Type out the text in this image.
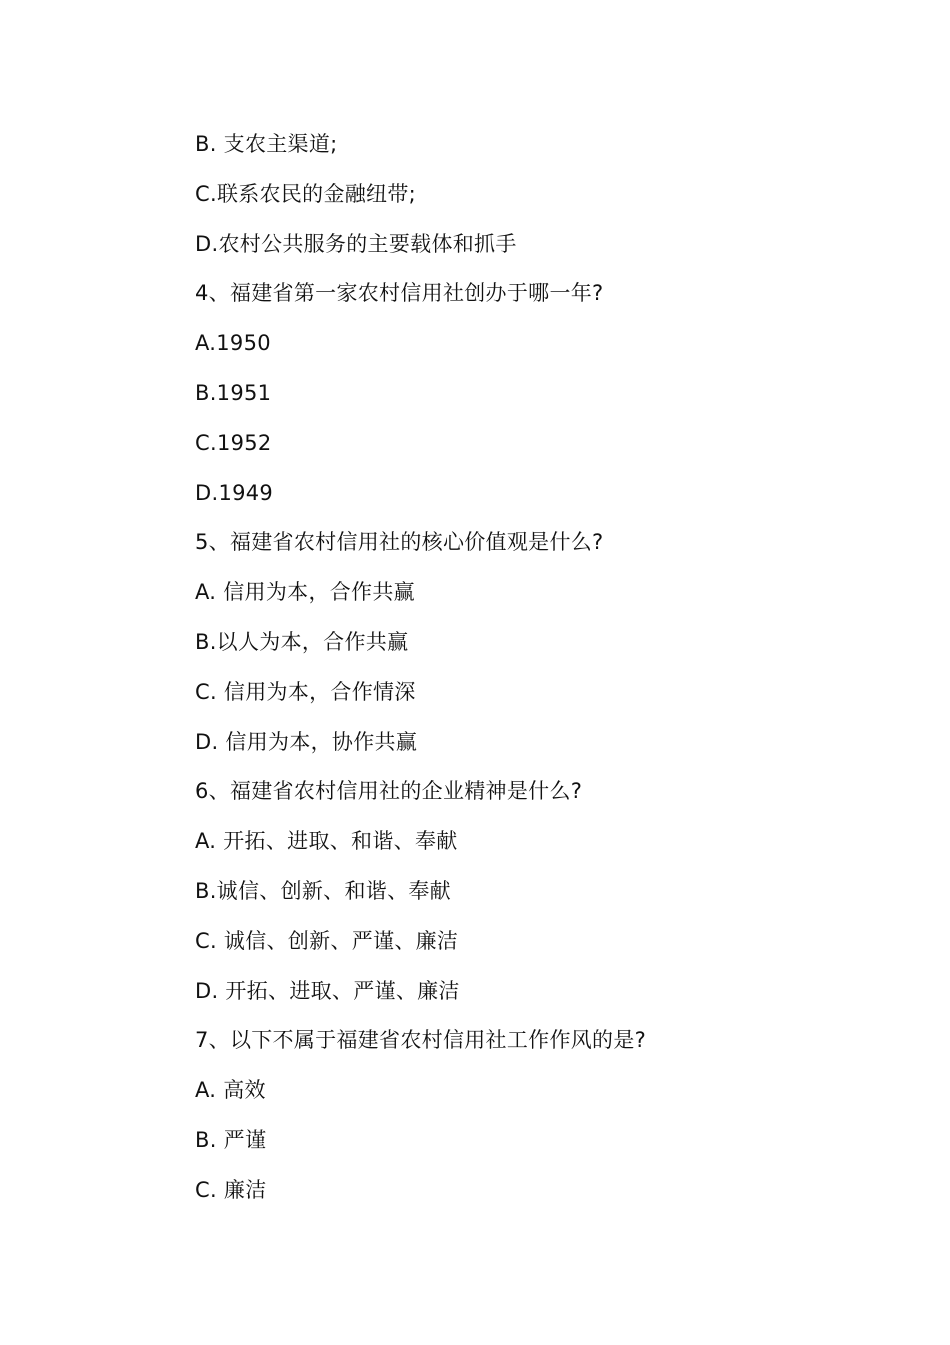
B. 支农主渠道;
C.联系农民的金融纽带;
D.农村公共服务的主要载体和抓手
4、福建省第一家农村信用社创办于哪一年?
A.1950
B.1951
C.1952
D.1949
5、福建省农村信用社的核心价值观是什么?
A. 信用为本，合作共赢
B.以人为本，合作共赢
C. 信用为本，合作情深
D. 信用为本，协作共赢
6、福建省农村信用社的企业精神是什么?
A. 开拓、进取、和谐、奉献
B.诚信、创新、和谐、奉献
C. 诚信、创新、严谨、廉洁
D. 开拓、进取、严谨、廉洁
7、以下不属于福建省农村信用社工作作风的是?
A. 高效
B. 严谨
C. 廉洁
